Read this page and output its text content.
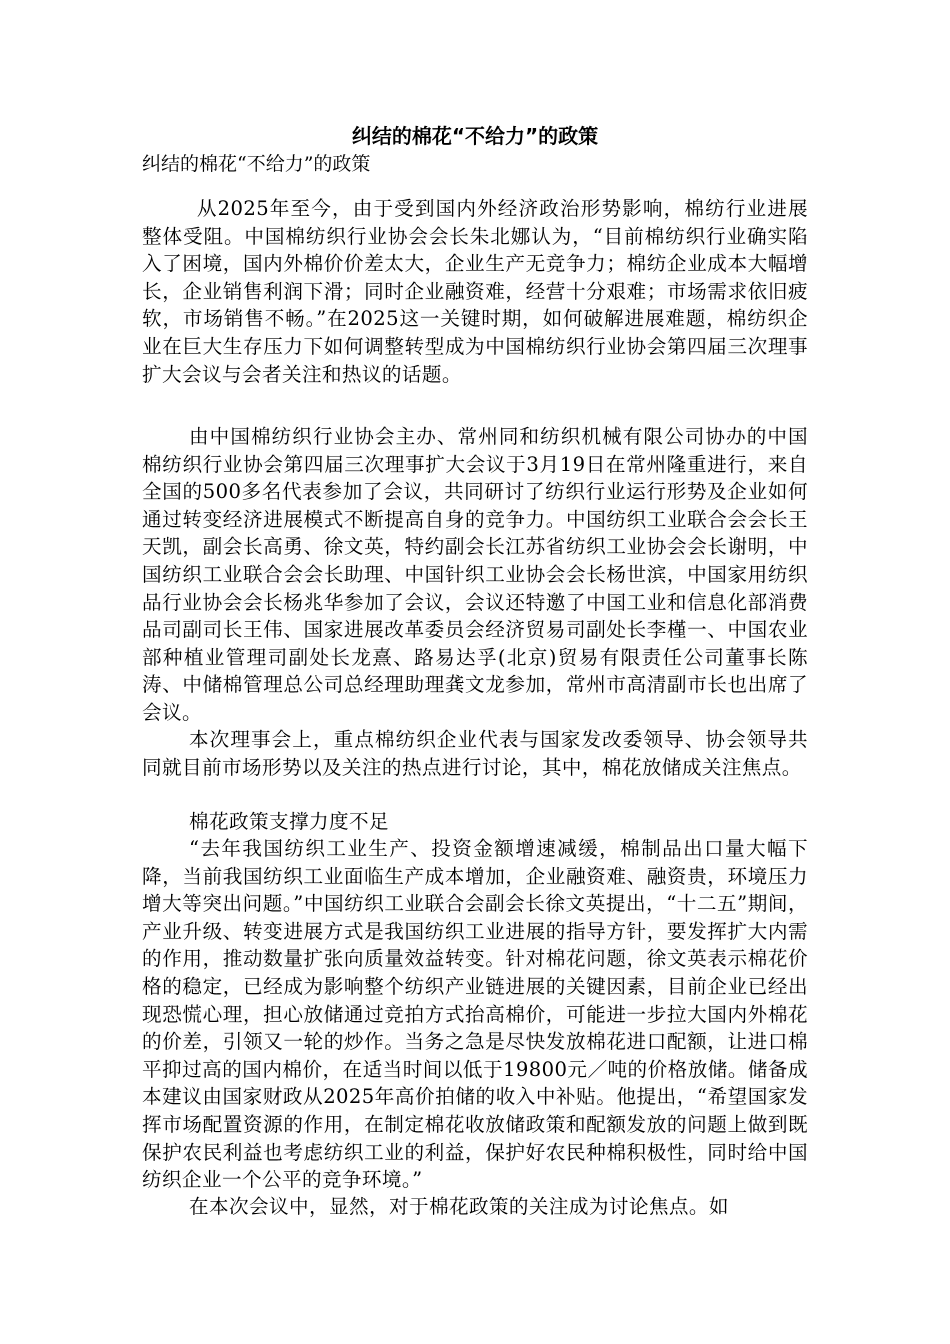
纠结的棉花“不给力”的政策

纠结的棉花“不给力”的政策

从2025年至今，由于受到国内外经济政治形势影响，棉纺行业进展整体受阻。中国棉纺织行业协会会长朱北娜认为，“目前棉纺织行业确实陷入了困境，国内外棉价价差太大，企业生产无竞争力；棉纺企业成本大幅增长，企业销售利润下滑；同时企业融资难，经营十分艰难；市场需求依旧疲软，市场销售不畅。”在2025这一关键时期，如何破解进展难题，棉纺织企业在巨大生存压力下如何调整转型成为中国棉纺织行业协会第四届三次理事扩大会议与会者关注和热议的话题。

由中国棉纺织行业协会主办、常州同和纺织机械有限公司协办的中国棉纺织行业协会第四届三次理事扩大会议于3月19日在常州隆重进行，来自全国的500多名代表参加了会议，共同研讨了纺织行业运行形势及企业如何通过转变经济进展模式不断提高自身的竞争力。中国纺织工业联合会会长王天凯，副会长高勇、徐文英，特约副会长江苏省纺织工业协会会长谢明，中国纺织工业联合会会长助理、中国针织工业协会会长杨世滨，中国家用纺织品行业协会会长杨兆华参加了会议，会议还特邀了中国工业和信息化部消费品司副司长王伟、国家进展改革委员会经济贸易司副处长李槿一、中国农业部种植业管理司副处长龙熹、路易达孚(北京)贸易有限责任公司董事长陈涛、中储棉管理总公司总经理助理龚文龙参加，常州市高清副市长也出席了会议。

本次理事会上，重点棉纺织企业代表与国家发改委领导、协会领导共同就目前市场形势以及关注的热点进行讨论，其中，棉花放储成关注焦点。

棉花政策支撑力度不足

“去年我国纺织工业生产、投资金额增速减缓，棉制品出口量大幅下降，当前我国纺织工业面临生产成本增加，企业融资难、融资贵，环境压力增大等突出问题。”中国纺织工业联合会副会长徐文英提出，“十二五”期间，产业升级、转变进展方式是我国纺织工业进展的指导方针，要发挥扩大内需的作用，推动数量扩张向质量效益转变。针对棉花问题，徐文英表示棉花价格的稳定，已经成为影响整个纺织产业链进展的关键因素，目前企业已经出现恐慌心理，担心放储通过竞拍方式抬高棉价，可能进一步拉大国内外棉花的价差，引领又一轮的炒作。当务之急是尽快发放棉花进口配额，让进口棉平抑过高的国内棉价，在适当时间以低于19800元／吨的价格放储。储备成本建议由国家财政从2025年高价拍储的收入中补贴。他提出，“希望国家发挥市场配置资源的作用，在制定棉花收放储政策和配额发放的问题上做到既保护农民利益也考虑纺织工业的利益，保护好农民种棉积极性，同时给中国纺织企业一个公平的竞争环境。”

在本次会议中，显然，对于棉花政策的关注成为讨论焦点。如
